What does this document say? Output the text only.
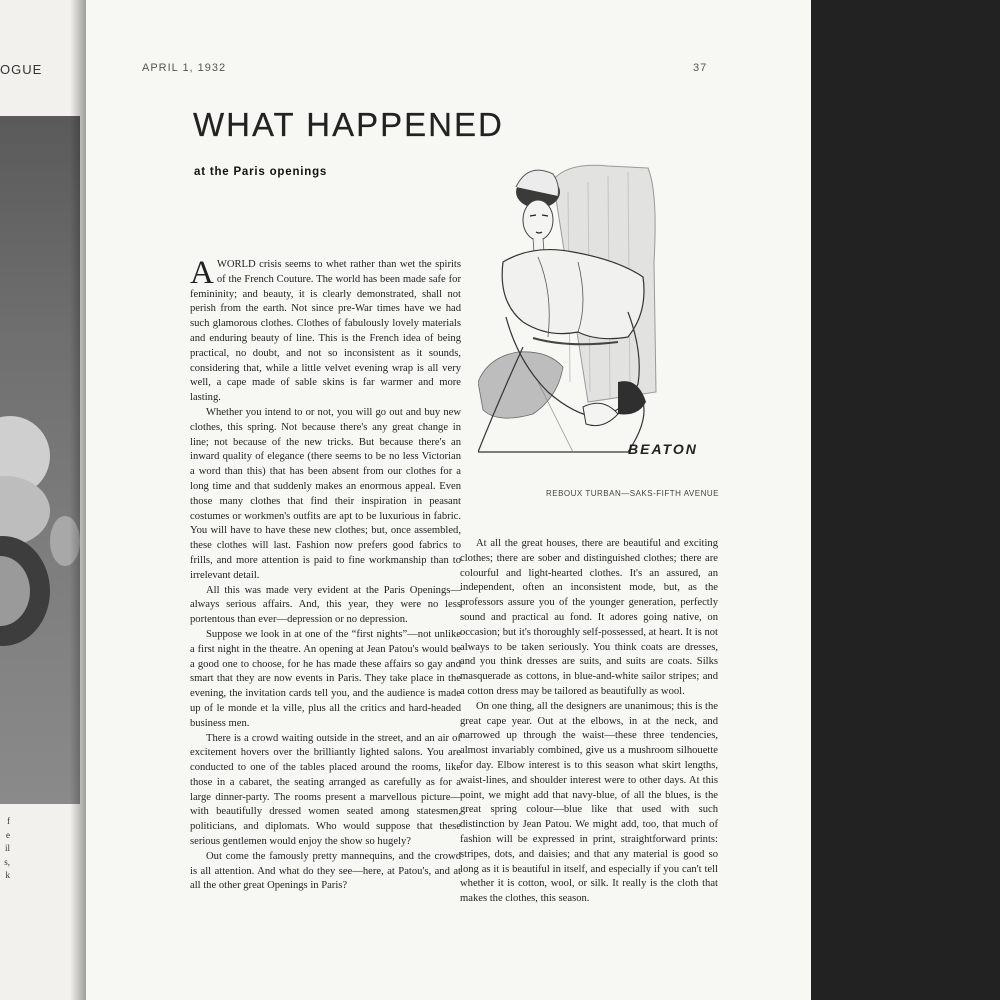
OGUE
f
e
il
s,
k
APRIL 1, 1932	37
WHAT HAPPENED
at the Paris openings

AWORLD crisis seems to whet rather than wet the spirits of the French Couture. The world has been made safe for femininity; and beauty, it is clearly demonstrated, shall not perish from the earth. Not since pre-War times have we had such glamorous clothes. Clothes of fabulously lovely materials and enduring beauty of line. This is the French idea of being practical, no doubt, and not so inconsistent as it sounds, considering that, while a little velvet evening wrap is all very well, a cape made of sable skins is far warmer and more lasting.

Whether you intend to or not, you will go out and buy new clothes, this spring. Not because there's any great change in line; not because of the new tricks. But because there's an inward quality of elegance (there seems to be no less Victorian a word than this) that has been absent from our clothes for a long time and that suddenly makes an enormous appeal. Even those many clothes that find their inspiration in peasant costumes or workmen's outfits are apt to be luxurious in fabric. You will have to have these new clothes; but, once assembled, these clothes will last. Fashion now prefers good fabrics to frills, and more attention is paid to fine workmanship than to irrelevant detail.

All this was made very evident at the Paris Openings—always serious affairs. And, this year, they were no less portentous than ever—depression or no depression.

Suppose we look in at one of the “first nights”—not unlike a first night in the theatre. An opening at Jean Patou's would be a good one to choose, for he has made these affairs so gay and smart that they are now events in Paris. They take place in the evening, the invitation cards tell you, and the audience is made up of le monde et la ville, plus all the critics and hard-headed business men.

There is a crowd waiting outside in the street, and an air of excitement hovers over the brilliantly lighted salons. You are conducted to one of the tables placed around the rooms, like those in a cabaret, the seating arranged as carefully as for a large dinner-party. The rooms present a marvellous picture—with beautifully dressed women seated among statesmen, politicians, and diplomats. Who would suppose that these serious gentlemen would enjoy the show so hugely?

Out come the famously pretty mannequins, and the crowd is all attention. And what do they see—here, at Patou's, and at all the other great Openings in Paris?

BEATON
REBOUX TURBAN—SAKS-FIFTH AVENUE

At all the great houses, there are beautiful and exciting clothes; there are sober and distinguished clothes; there are colourful and light-hearted clothes. It's an assured, an independent, often an inconsistent mode, but, as the professors assure you of the younger generation, perfectly sound and practical au fond. It adores going native, on occasion; but it's thoroughly self-possessed, at heart. It is not always to be taken seriously. You think coats are dresses, and you think dresses are suits, and suits are coats. Silks masquerade as cottons, in blue-and-white sailor stripes; and a cotton dress may be tailored as beautifully as wool.

On one thing, all the designers are unanimous; this is the great cape year. Out at the elbows, in at the neck, and narrowed up through the waist—these three tendencies, almost invariably combined, give us a mushroom silhouette for day. Elbow interest is to this season what skirt lengths, waist-lines, and shoulder interest were to other days. At this point, we might add that navy-blue, of all the blues, is the great spring colour—blue like that used with such distinction by Jean Patou. We might add, too, that much of fashion will be expressed in print, straightforward prints: stripes, dots, and daisies; and that any material is good so long as it is beautiful in itself, and especially if you can't tell whether it is cotton, wool, or silk. It really is the cloth that makes the clothes, this season.
